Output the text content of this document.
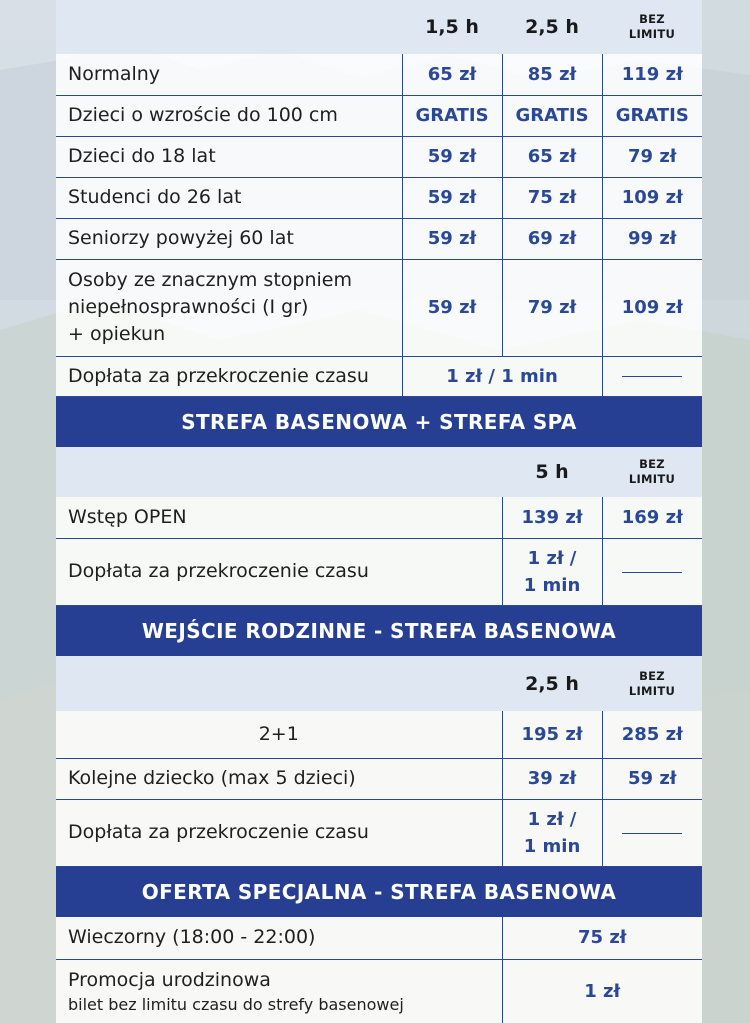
	1,5 h	2,5 h	BEZ
LIMITU
Normalny	65 zł	85 zł	119 zł
Dzieci o wzroście do 100 cm	GRATIS	GRATIS	GRATIS
Dzieci do 18 lat	59 zł	65 zł	79 zł
Studenci do 26 lat	59 zł	75 zł	109 zł
Seniorzy powyżej 60 lat	59 zł	69 zł	99 zł

Osoby ze znacznym stopniem
niepełnosprawności (I gr)
+ opiekun	59 zł	79 zł	109 zł
Dopłata za przekroczenie czasu	1 zł / 1 min		
STREFA BASENOWA + STREFA SPA			
		5 h	BEZ
LIMITU
Wstęp OPEN		139 zł	169 zł
Dopłata za przekroczenie czasu		1 zł /
1 min	

WEJŚCIE RODZINNE - STREFA BASENOWA			
		2,5 h	BEZ
LIMITU
2+1		195 zł	285 zł
Kolejne dziecko (max 5 dzieci)		39 zł	59 zł
Dopłata za przekroczenie czasu		1 zł /
1 min	

OFERTA SPECJALNA - STREFA BASENOWA			
Wieczorny (18:00 - 22:00)		75 zł	

Promocja urodzinowa
bilet bez limitu czasu do strefy basenowej		1 zł	
